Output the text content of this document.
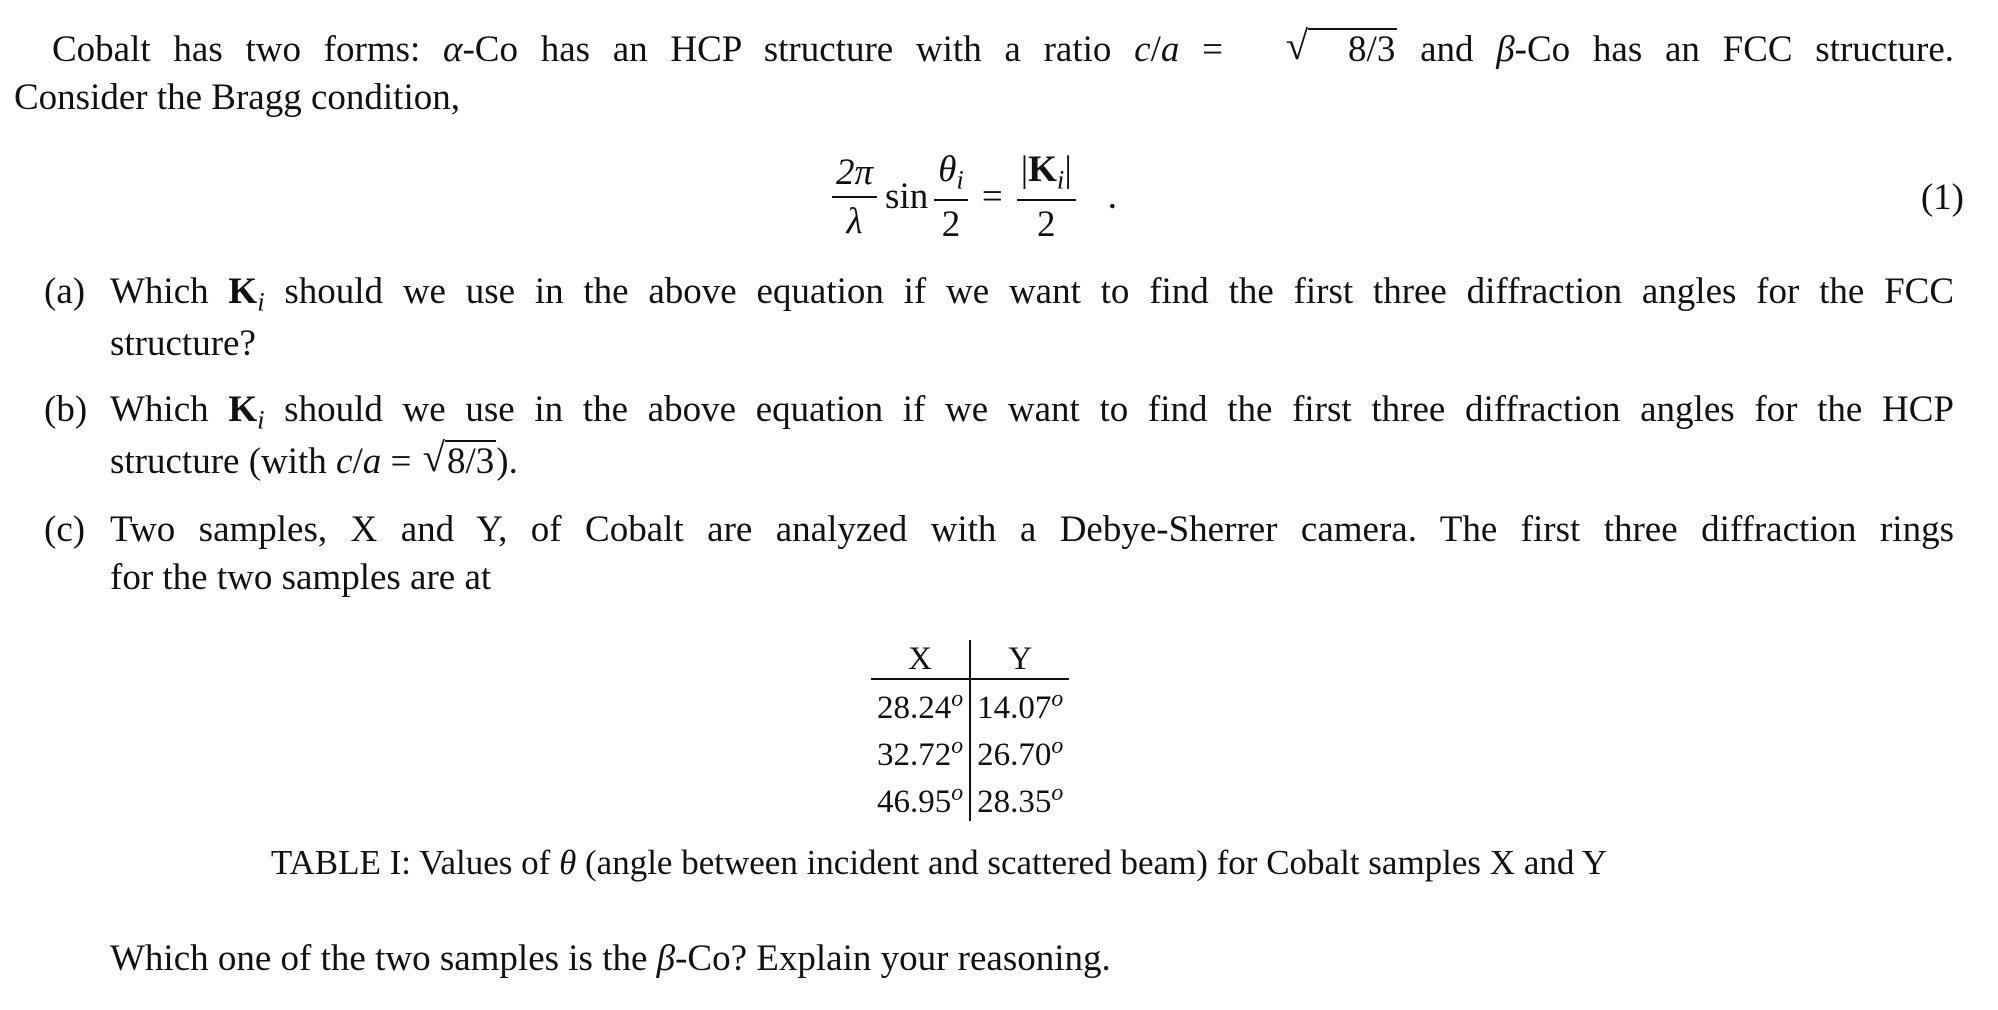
Cobalt has two forms: α-Co has an HCP structure with a ratio c/a = √	8/3 and β-Co has an FCC structure.
Consider the Bragg condition,
$\frac{2\pi}{\lambda}$ $\sin \frac{\theta_i}{2} = \frac{|K_i|}{2}$ .	(1)
(a) Which $K_i$ should we use in the above equation if we want to find the first three diffraction angles for the FCC
structure?
(b) Which $K_i$ should we use in the above equation if we want to find the first three diffraction angles for the HCP
structure (with c/a = √ 8/3 ).
(c) Two samples, X and Y, of Cobalt are analyzed with a Debye-Sherrer camera. The first three diffraction rings
for the two samples are at
X	Y
28.24$^o$	14.07$^o$
32.72$^o$	26.70$^o$
46.95$^o$	28.35$^o$
TABLE I: Values of θ (angle between incident and scattered beam) for Cobalt samples X and Y
Which one of the two samples is the β-Co? Explain your reasoning.
